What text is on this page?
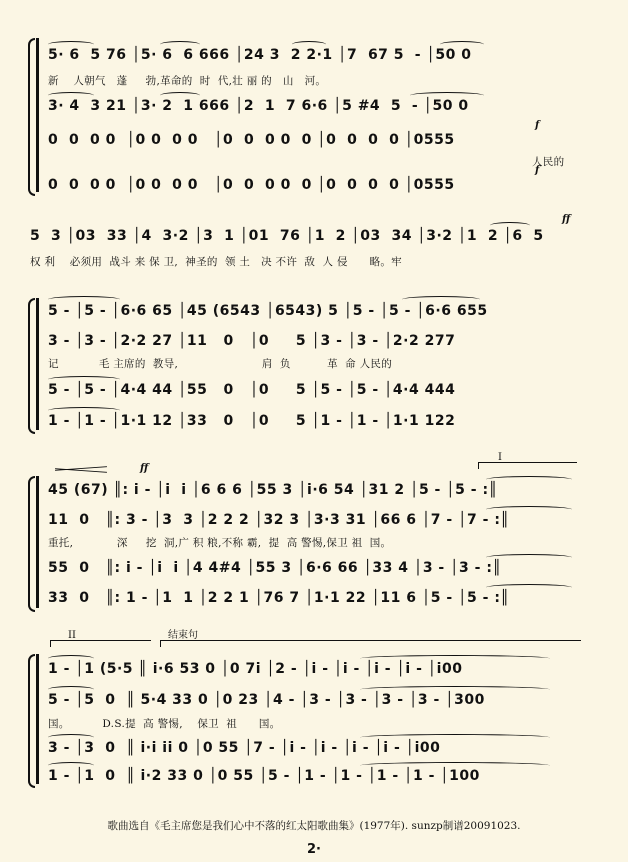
5· 6  5 76 │5· 6  6 666 │24 3  2 2·1 │7  67 5  - │50 0
新    人朝气   蓬     勃,革命的  时  代,壮 丽 的   山   河。
3· 4  3 21 │3· 2  1 666 │2  1  7 6·6 │5 #4  5  - │50 0
0  0  0 0  │0 0  0 0   │0  0  0 0  0 │0  0  0  0 │0555
人民的
0  0  0 0  │0 0  0 0   │0  0  0 0  0 │0  0  0  0 │0555
f
f
5  3 │03  33 │4  3·2 │3  1 │01  76 │1  2 │03  34 │3·2 │1  2 │6  5
权 利    必须用  战斗 来 保 卫,  神圣的  领 土   决 不许  敌  人 侵      略。牢
ff
5 - │5 - │6·6 65 │45 (6543 │6543) 5 │5 - │5 - │6·6 655
3 - │3 - │2·2 27 │11   0   │0     5 │3 - │3 - │2·2 277
记           毛 主席的  教导,                       肩  负          革  命 人民的
5 - │5 - │4·4 44 │55   0   │0     5 │5 - │5 - │4·4 444
1 - │1 - │1·1 12 │33   0   │0     5 │1 - │1 - │1·1 122
ff
I
45 (67) ║: i - │i  i │6 6 6 │55 3 │i·6 54 │31 2 │5 - │5 - :║
11  0   ║: 3 - │3  3 │2 2 2 │32 3 │3·3 31 │66 6 │7 - │7 - :║
重托,            深     挖  洞,广 积 粮,不称 霸,  提  高 警惕,保卫 祖  国。
55  0   ║: i - │i  i │4 4#4 │55 3 │6·6 66 │33 4 │3 - │3 - :║
33  0   ║: 1 - │1  1 │2 2 1 │76 7 │1·1 22 │11 6 │5 - │5 - :║
II	结束句
1 - │1 (5·5 ║ i·6 53 0 │0 7i │2 - │i - │i - │i - │i - │i00
5 - │5  0  ║ 5·4 33 0 │0 23 │4 - │3 - │3 - │3 - │3 - │300
国。         D.S.提  高 警惕,    保卫  祖      国。
3 - │3  0  ║ i·i ii 0 │0 55 │7 - │i - │i - │i - │i - │i00
1 - │1  0  ║ i·2 33 0 │0 55 │5 - │1 - │1 - │1 - │1 - │100
歌曲选自《毛主席您是我们心中不落的红太阳歌曲集》(1977年). sunzp制谱20091023.
2·
